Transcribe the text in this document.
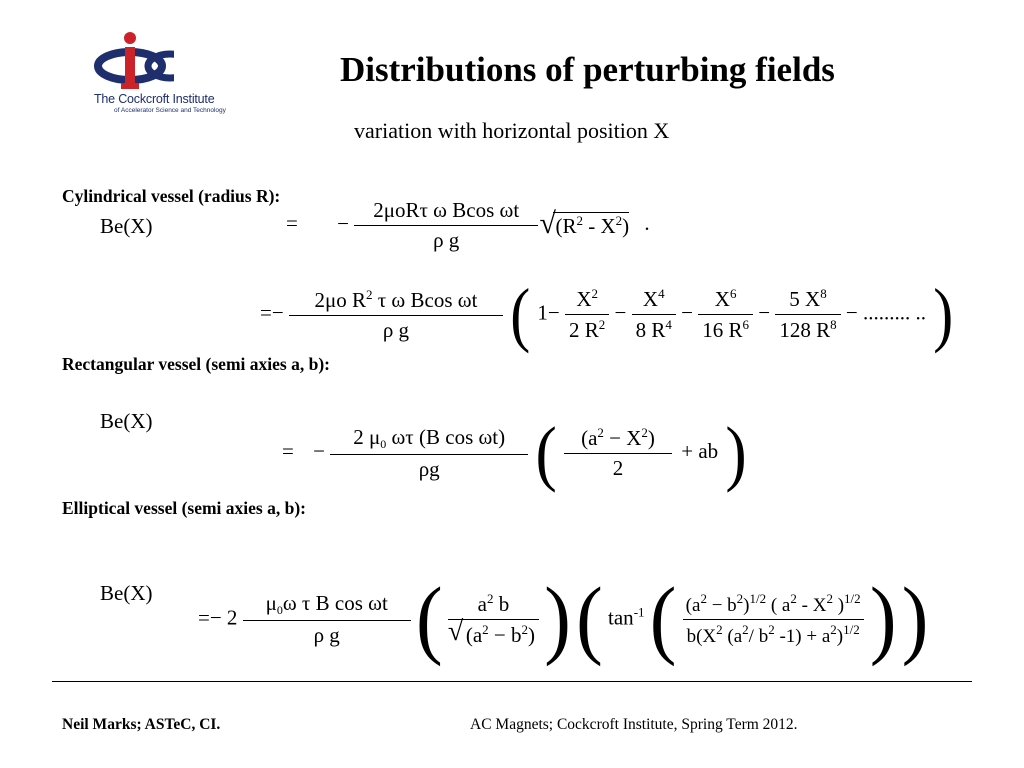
The Cockcroft Institute
of Accelerator Science and Technology
Distributions of perturbing fields
variation with horizontal position X
Cylindrical vessel (radius R):
Be(X)	= − $\frac{\text{2μoRτ ω Bcos ωt}}{\text{ρ g}}$
√ $(R^2 - X^2)$ .
=− $\frac{2\mu o R^2 \tau \omega Bcos \omega t}{\text{ρ g}}$ ( $1- \frac{X^2}{2 R^2} - \frac{X^4}{8 R^4} - \frac{X^6}{16 R^6} - \frac{5 X^8}{128 R^8}$ − ......... .. )
Rectangular vessel (semi axies a, b):
Be(X)
= − $\frac{2 \mu_0 \omega\tau (B \cos \omega t)}{\rho g}$ ( $\frac{(a^2 - X^2)}{2}$ + ab )
Elliptical vessel (semi axies a, b):
Be(X)
=− $2 \frac{\mu_0\omega \tau B \cos \omega t}{\text{ρ g}}$ ( $\frac{a^2 b}{√ (a^2 - b^2)}$ ) ( $\tan^{-1}$ ( $\frac{(a^2 - b^2)^{1/2} ( a^2 - X^2 )^{1/2}}{b(X^2 (a^2/ b^2 -1) + a^2)^{1/2}}$ ) )
Neil Marks; ASTeC, CI.	AC Magnets; Cockcroft Institute, Spring Term 2012.
